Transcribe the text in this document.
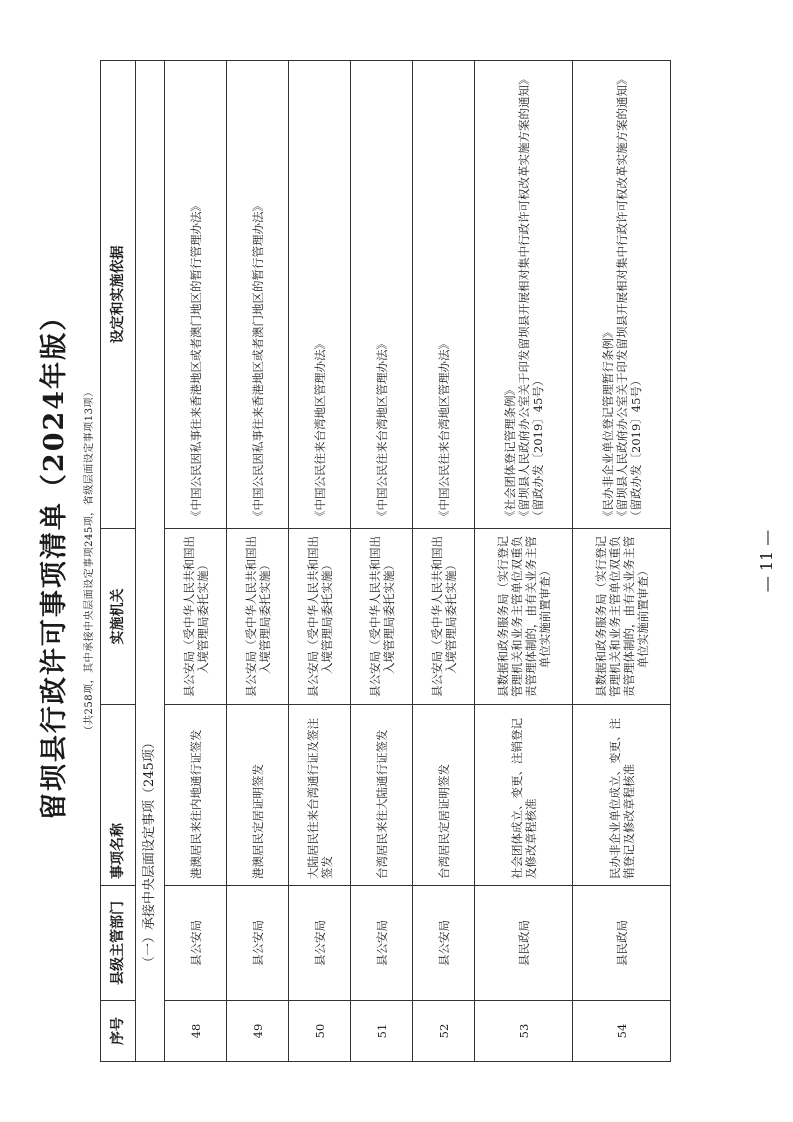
留坝县行政许可事项清单（2024年版）	（共258项，其中承接中央层面设定事项245项，省级层面设定事项13项）
序号	县级主管部门	事项名称	实施机关	设定和实施依据
（一）承接中央层面设定事项（245项）				
48	县公安局	港澳居民来往内地通行证签发	县公安局（受中华人民共和国出入境管理局委托实施）	《中国公民因私事往来香港地区或者澳门地区的暂行管理办法》

49	县公安局	港澳居民定居证明签发	县公安局（受中华人民共和国出入境管理局委托实施）	《中国公民因私事往来香港地区或者澳门地区的暂行管理办法》

50	县公安局	大陆居民往来台湾通行证及签注签发	县公安局（受中华人民共和国出入境管理局委托实施）	《中国公民往来台湾地区管理办法》

51	县公安局	台湾居民来往大陆通行证签发	县公安局（受中华人民共和国出入境管理局委托实施）	《中国公民往来台湾地区管理办法》

52	县公安局	台湾居民定居证明签发	县公安局（受中华人民共和国出入境管理局委托实施）	《中国公民往来台湾地区管理办法》

53	县民政局	社会团体成立、变更、注销登记及修改章程核准	县数据和政务服务局（实行登记管理机关和业务主管单位双重负责管理体制的，由有关业务主管单位实施前置审查）	《社会团体登记管理条例》 《留坝县人民政府办公室关于印发留坝县开展相对集中行政许可权改革实施方案的通知》（留政办发〔2019〕45号）

54	县民政局	民办非企业单位成立、变更、注销登记及修改章程核准	县数据和政务服务局（实行登记管理机关和业务主管单位双重负责管理体制的，由有关业务主管单位实施前置审查）	《民办非企业单位登记管理暂行条例》 《留坝县人民政府办公室关于印发留坝县开展相对集中行政许可权改革实施方案的通知》（留政办发〔2019〕45号）
— 11 —
